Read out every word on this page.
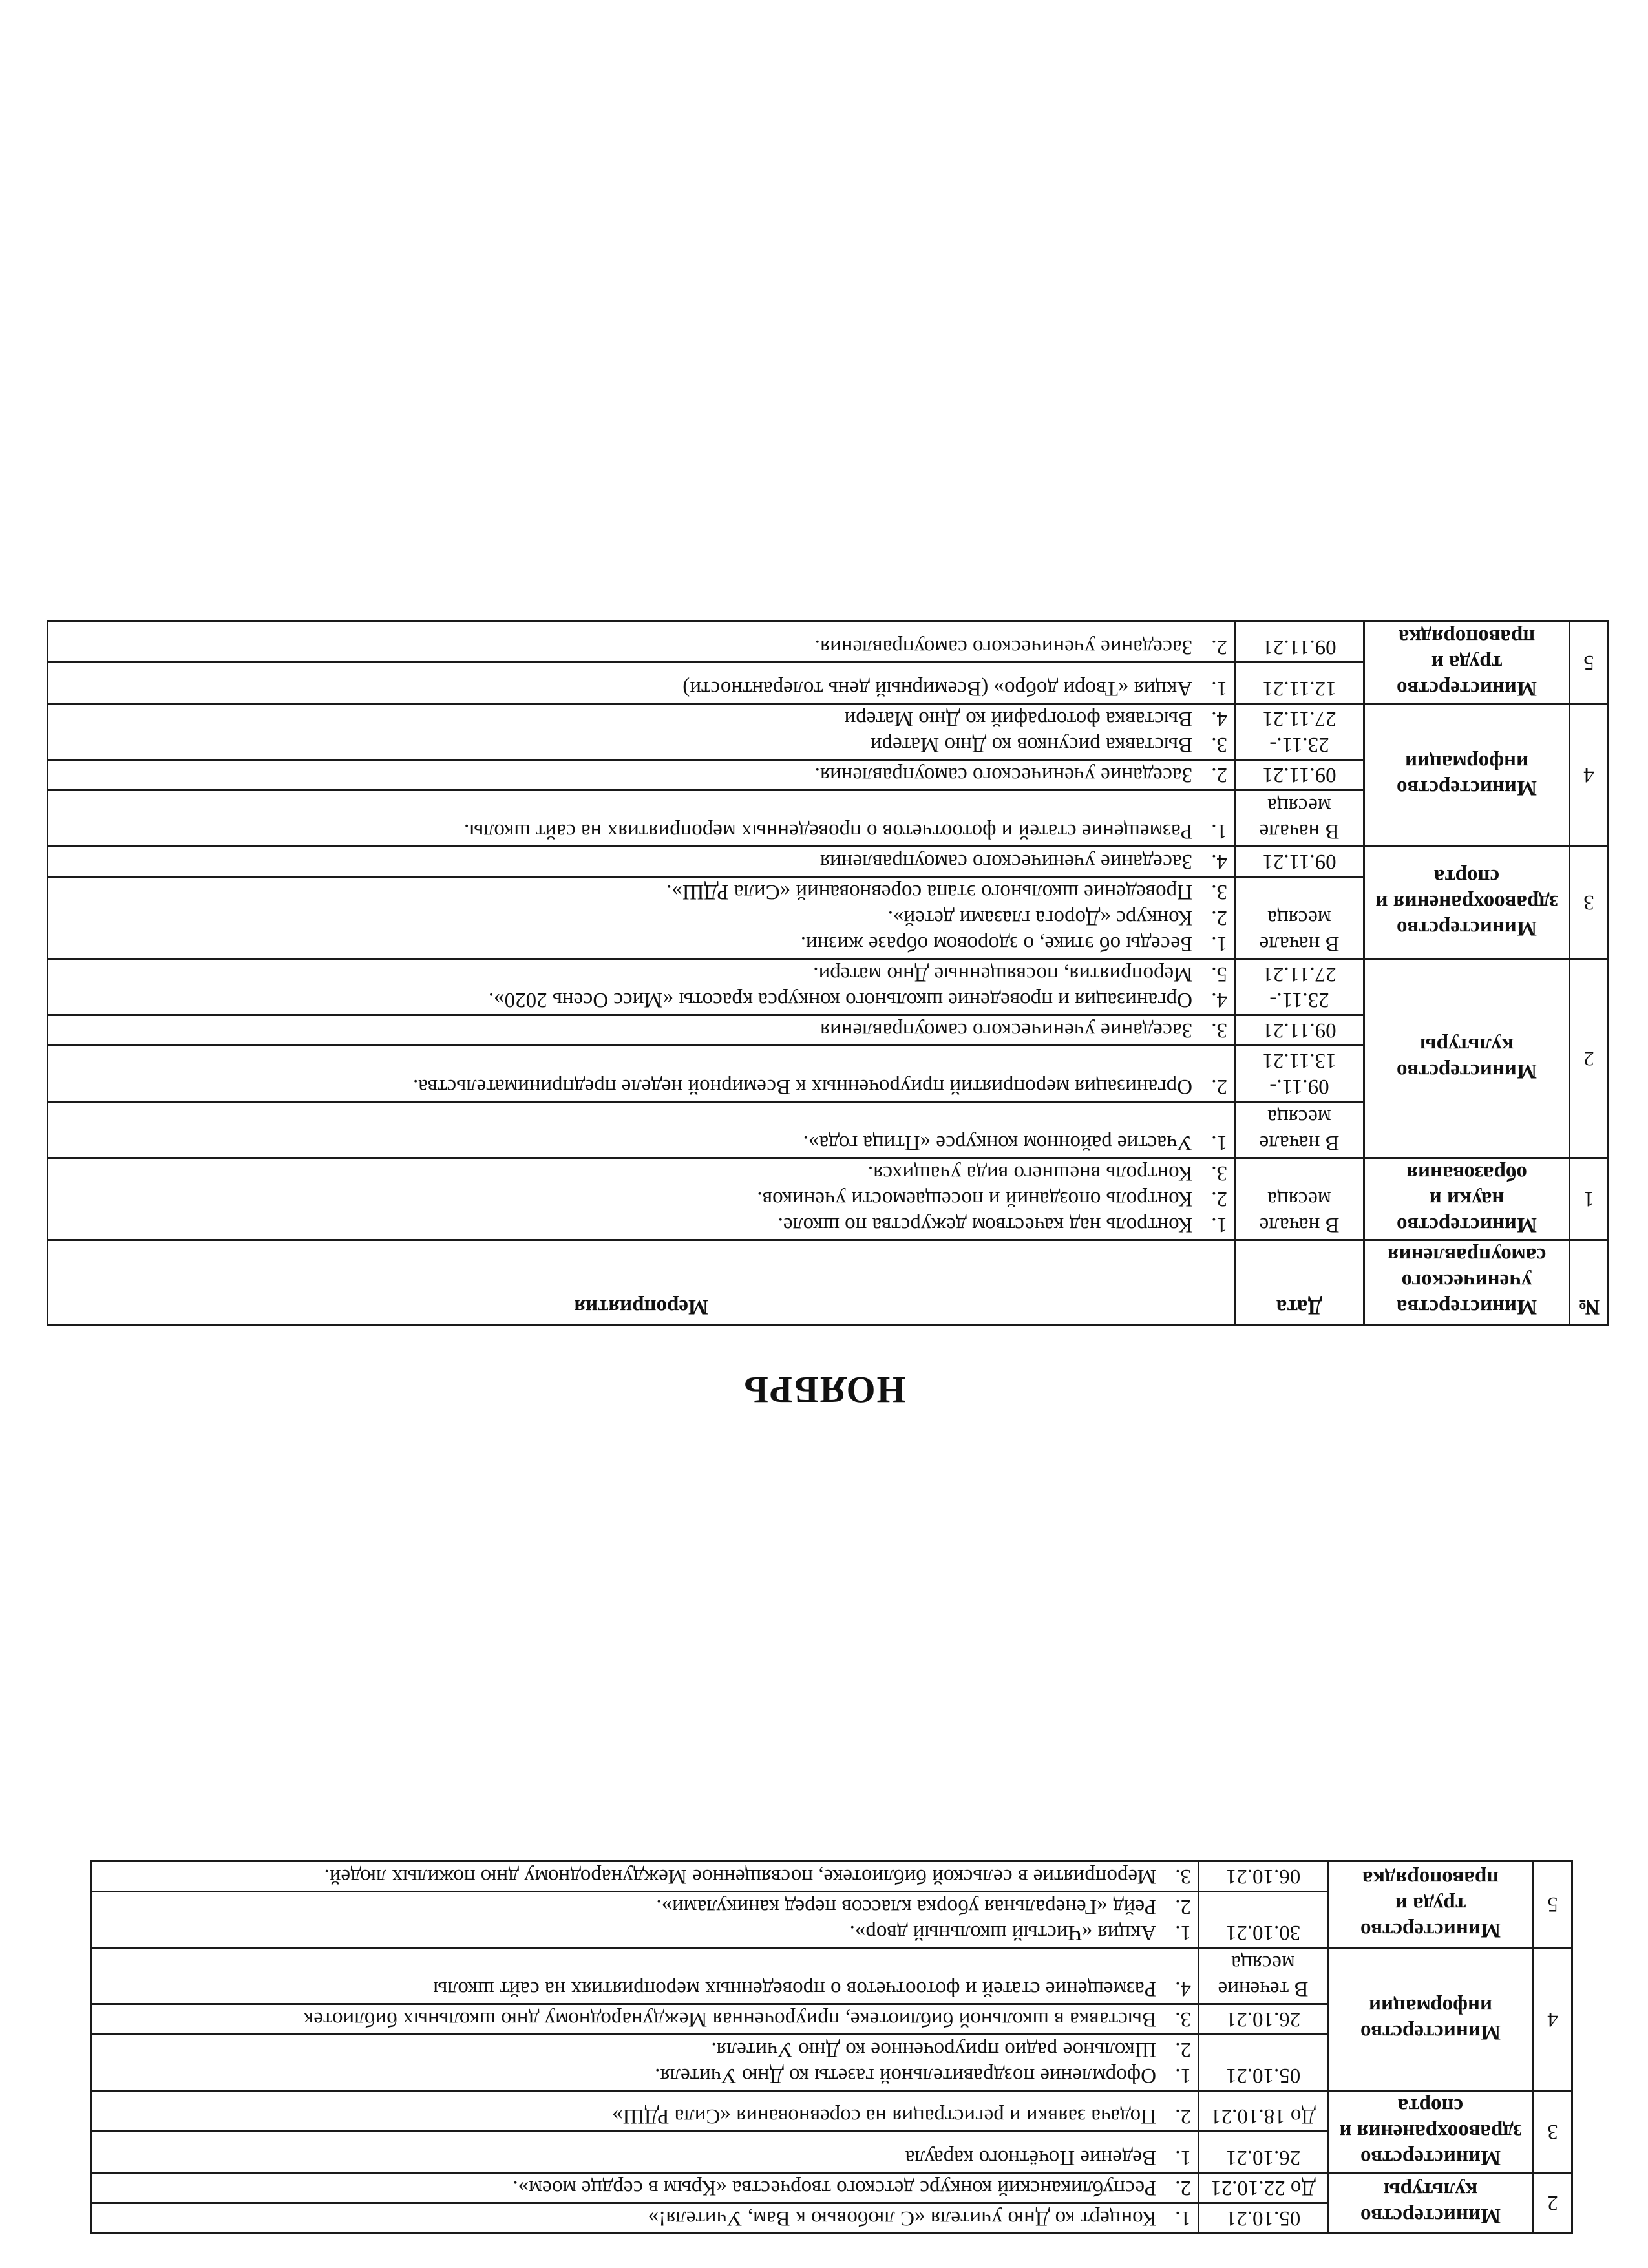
2	Министерство культуры	05.10.21	1.Концерт ко Дню учителя «С любовью к Вам, Учителя!»

		До 22.10.21	2.Республиканский конкурс детского творчества «Крым в сердце моем».

3	Министерство здравоохранения и спорта	26.10.21	1.Ведение Почётного караула

		До 18.10.21	2.Подача заявки и регистрация на соревнования «Сила РДШ»

4	Министерство информации	05.10.21	1.Оформление поздравительной газеты ко Дню Учителя.
2.Школьное радио приуроченное ко Дню Учителя.

		26.10.21	3.Выставка в школьной библиотеке, приуроченная Международному дню школьных библиотек

		В течение месяца	4.Размещение статей и фотоотчетов о проведенных мероприятиях на сайт школы

5	Министерство труда и правопорядка	30.10.21	1.Акция «Чистый школьный двор».
2.Рейд «Генеральная уборка классов перед каникулами».

		06.10.21	3.Мероприятие в сельской библиотеке, посвященное Международному дню пожилых людей.
НОЯБРЬ
№	Министерства ученического самоуправления	Дата	Мероприятия
1	Министерство науки и образования	В начале месяца	1.Контроль над качеством дежурства по школе.
2.Контроль опозданий и посещаемости учеников.
3.Контроль внешнего вида учащихся.

2	Министерство культуры	В начале месяца	1.Участие районном конкурсе «Птица года».

		09.11.- 13.11.21	2.Организация мероприятий приуроченных к Всемирной неделе предпринимательства.

		09.11.21	3.Заседание ученического самоуправления

		23.11.- 27.11.21	4.Организация и проведение школьного конкурса красоты «Мисс Осень 2020».
5.Мероприятия, посвященные Дню матери.

3	Министерство здравоохранения и спорта	В начале месяца	1.Беседы об этике, о здоровом образе жизни.
2.Конкурс «Дорога глазами детей».
3.Проведение школьного этапа соревнований «Сила РДШ».

		09.11.21	4.Заседание ученического самоуправления

4	Министерство информации	В начале месяца	1.Размещение статей и фотоотчетов о проведенных мероприятиях на сайт школы.

		09.11.21	2.Заседание ученического самоуправления.

		23.11.- 27.11.21	3.Выставка рисунков ко Дню Матери
4.Выставка фотографий ко Дню Матери

5	Министерство труда и правопорядка	12.11.21	1.Акция «Твори добро» (Всемирный день толерантности)

		09.11.21	2.Заседание ученического самоуправления.
